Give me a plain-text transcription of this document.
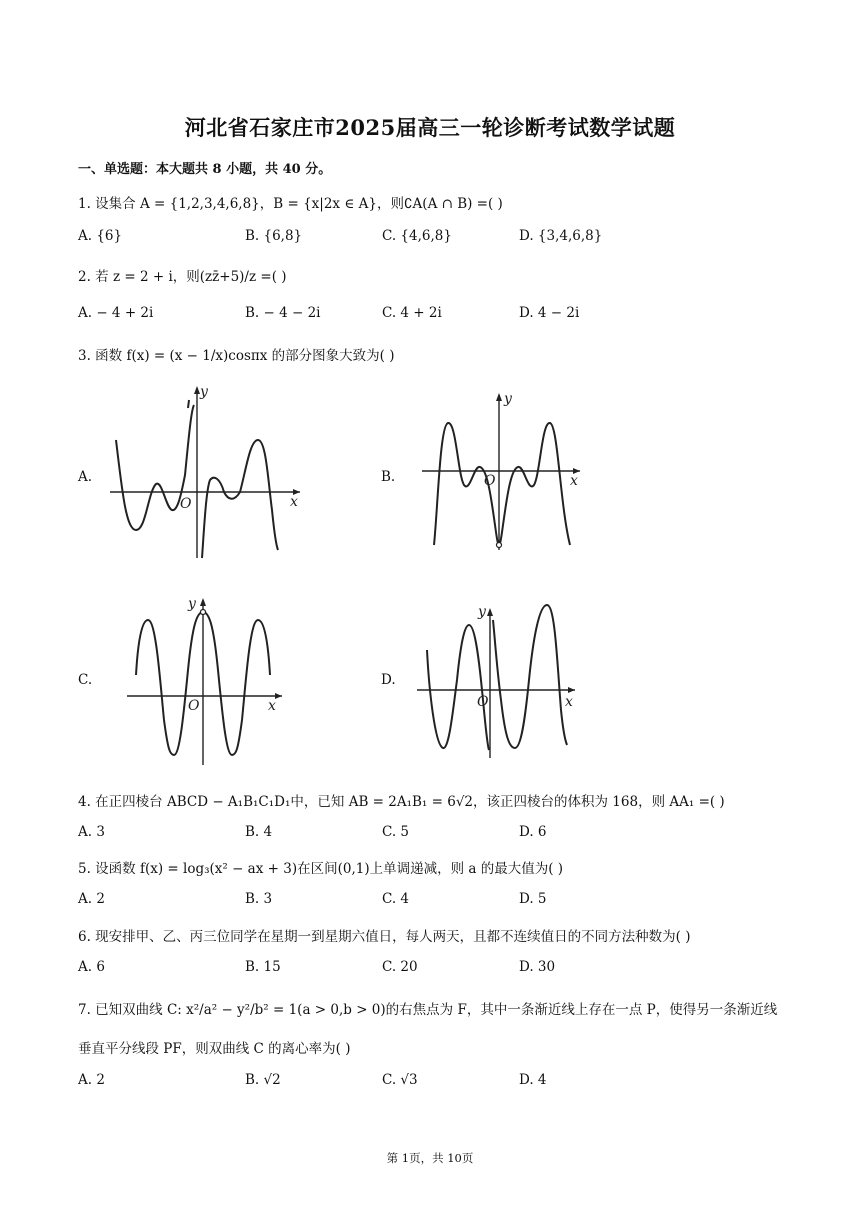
河北省石家庄市2025届高三一轮诊断考试数学试题
一、单选题：本大题共 8 小题，共 40 分。
1. 设集合 A = {1,2,3,4,6,8}，B = {x|2x ∈ A}，则∁A(A ∩ B) =( )
A. {6}	B. {6,8}	C. {4,6,8}	D. {3,4,6,8}
2. 若 z = 2 + i，则(zz̄+5)/z =( )
A. − 4 + 2i	B. − 4 − 2i	C. 4 + 2i	D. 4 − 2i
3. 函数 f(x) = (x − 1/x)cosπx 的部分图象大致为( )
A.	B.
C.	D.
y
x
O
y
x
O
y
x
O
y
x
O
4. 在正四棱台 ABCD − A₁B₁C₁D₁中，已知 AB = 2A₁B₁ = 6√2，该正四棱台的体积为 168，则 AA₁ =( )
A. 3	B. 4	C. 5	D. 6
5. 设函数 f(x) = log₃(x² − ax + 3)在区间(0,1)上单调递减，则 a 的最大值为( )
A. 2	B. 3	C. 4	D. 5
6. 现安排甲、乙、丙三位同学在星期一到星期六值日，每人两天，且都不连续值日的不同方法种数为( )
A. 6	B. 15	C. 20	D. 30
7. 已知双曲线 C: x²/a² − y²/b² = 1(a > 0,b > 0)的右焦点为 F，其中一条渐近线上存在一点 P，使得另一条渐近线
垂直平分线段 PF，则双曲线 C 的离心率为( )
A. 2	B. √2	C. √3	D. 4
第 1页，共 10页
